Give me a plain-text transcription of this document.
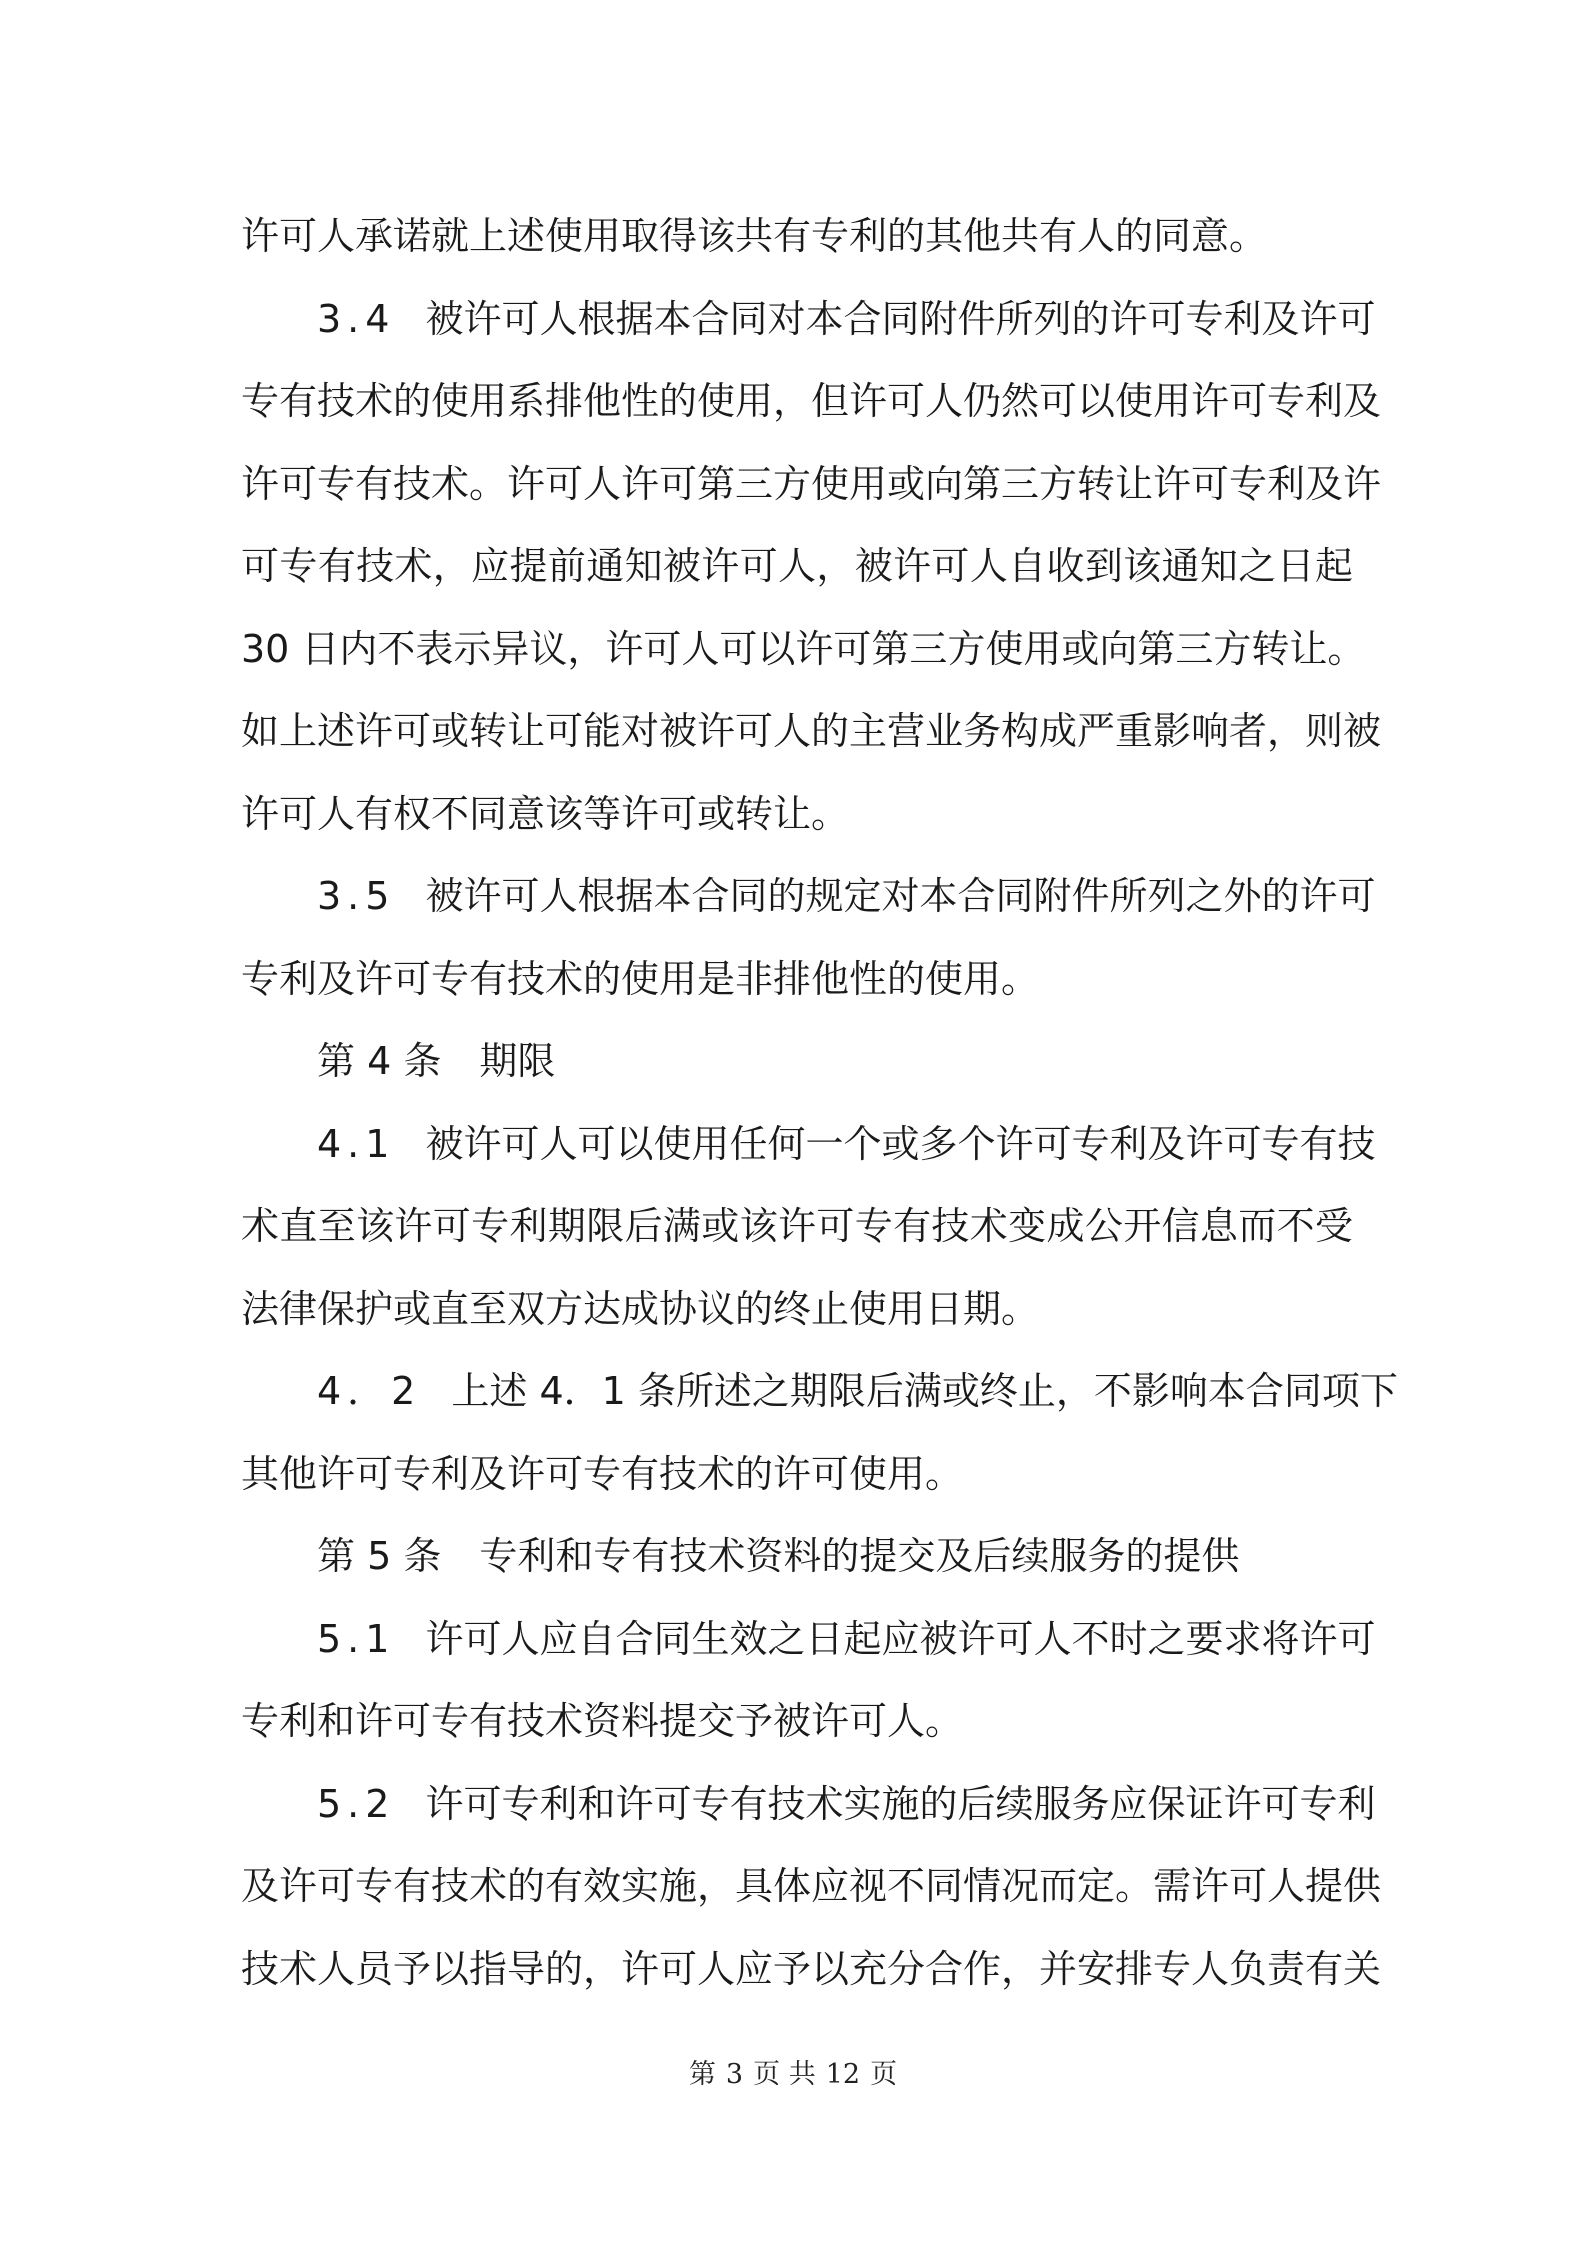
许可人承诺就上述使用取得该共有专利的其他共有人的同意。
3.4 被许可人根据本合同对本合同附件所列的许可专利及许可
专有技术的使用系排他性的使用，但许可人仍然可以使用许可专利及
许可专有技术。许可人许可第三方使用或向第三方转让许可专利及许
可专有技术，应提前通知被许可人，被许可人自收到该通知之日起
30 日内不表示异议，许可人可以许可第三方使用或向第三方转让。
如上述许可或转让可能对被许可人的主营业务构成严重影响者，则被
许可人有权不同意该等许可或转让。
3.5 被许可人根据本合同的规定对本合同附件所列之外的许可
专利及许可专有技术的使用是非排他性的使用。
第 4 条 期限
4.1 被许可人可以使用任何一个或多个许可专利及许可专有技
术直至该许可专利期限后满或该许可专有技术变成公开信息而不受
法律保护或直至双方达成协议的终止使用日期。
4．2 上述 4．1 条所述之期限后满或终止，不影响本合同项下
其他许可专利及许可专有技术的许可使用。
第 5 条 专利和专有技术资料的提交及后续服务的提供
5.1 许可人应自合同生效之日起应被许可人不时之要求将许可
专利和许可专有技术资料提交予被许可人。
5.2 许可专利和许可专有技术实施的后续服务应保证许可专利
及许可专有技术的有效实施，具体应视不同情况而定。需许可人提供
技术人员予以指导的，许可人应予以充分合作，并安排专人负责有关
第 3 页 共 12 页
